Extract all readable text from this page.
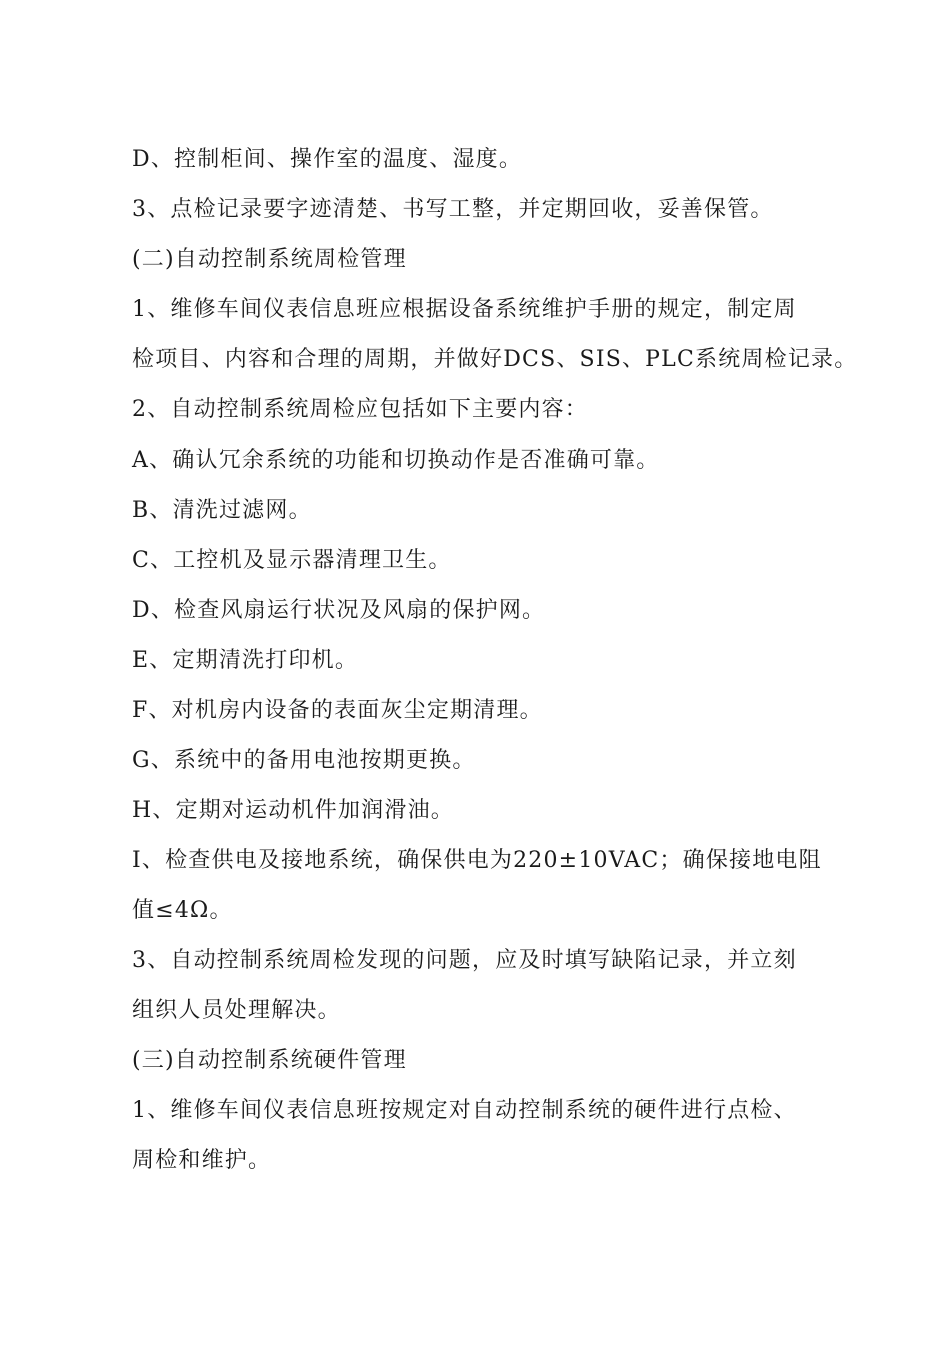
D、控制柜间、操作室的温度、湿度。

3、点检记录要字迹清楚、书写工整，并定期回收，妥善保管。

(二)自动控制系统周检管理

1、维修车间仪表信息班应根据设备系统维护手册的规定，制定周

检项目、内容和合理的周期，并做好DCS、SIS、PLC系统周检记录。

2、自动控制系统周检应包括如下主要内容：

A、确认冗余系统的功能和切换动作是否准确可靠。

B、清洗过滤网。

C、工控机及显示器清理卫生。

D、检查风扇运行状况及风扇的保护网。

E、定期清洗打印机。

F、对机房内设备的表面灰尘定期清理。

G、系统中的备用电池按期更换。

H、定期对运动机件加润滑油。

I、检查供电及接地系统，确保供电为220±10VAC；确保接地电阻

值≤4Ω。

3、自动控制系统周检发现的问题，应及时填写缺陷记录，并立刻

组织人员处理解决。

(三)自动控制系统硬件管理

1、维修车间仪表信息班按规定对自动控制系统的硬件进行点检、

周检和维护。
